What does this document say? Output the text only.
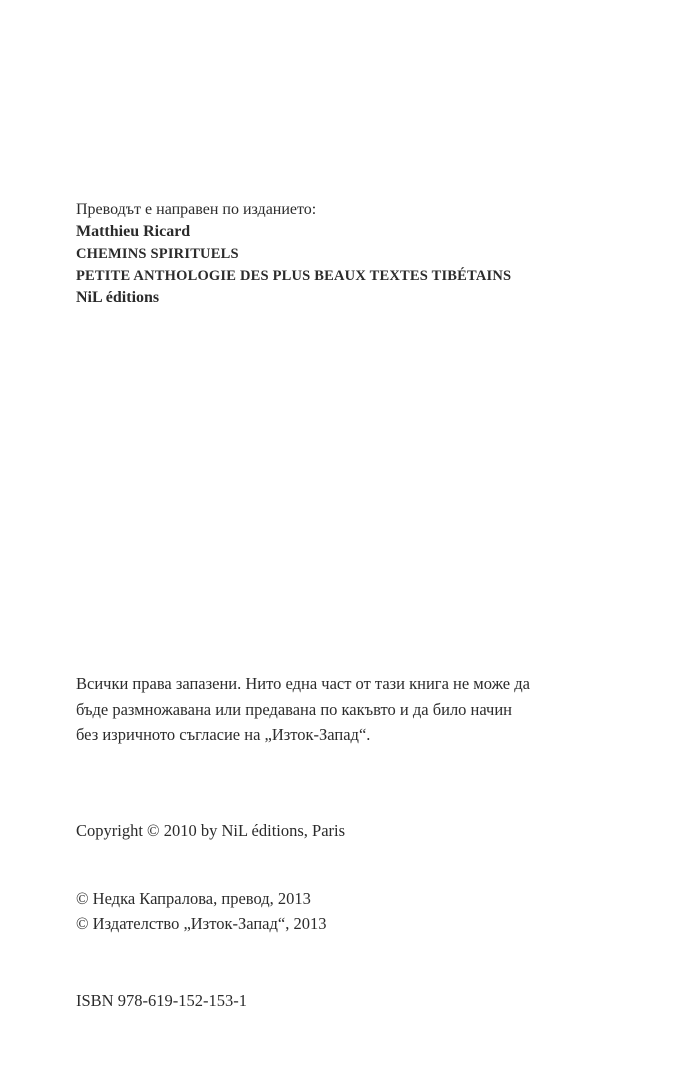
Преводът е направен по изданието:

Matthieu Ricard

CHEMINS SPIRITUELS

PETITE ANTHOLOGIE DES PLUS BEAUX TEXTES TIBÉTAINS

NiL éditions

Всички права запазени. Нито една част от тази книга не може да

бъде размножавана или предавана по какъвто и да било начин

без изричното съгласие на „Изток-Запад“.

Copyright © 2010 by NiL éditions, Paris

© Недка Капралова, превод, 2013

© Издателство „Изток-Запад“, 2013

ISBN 978-619-152-153-1
